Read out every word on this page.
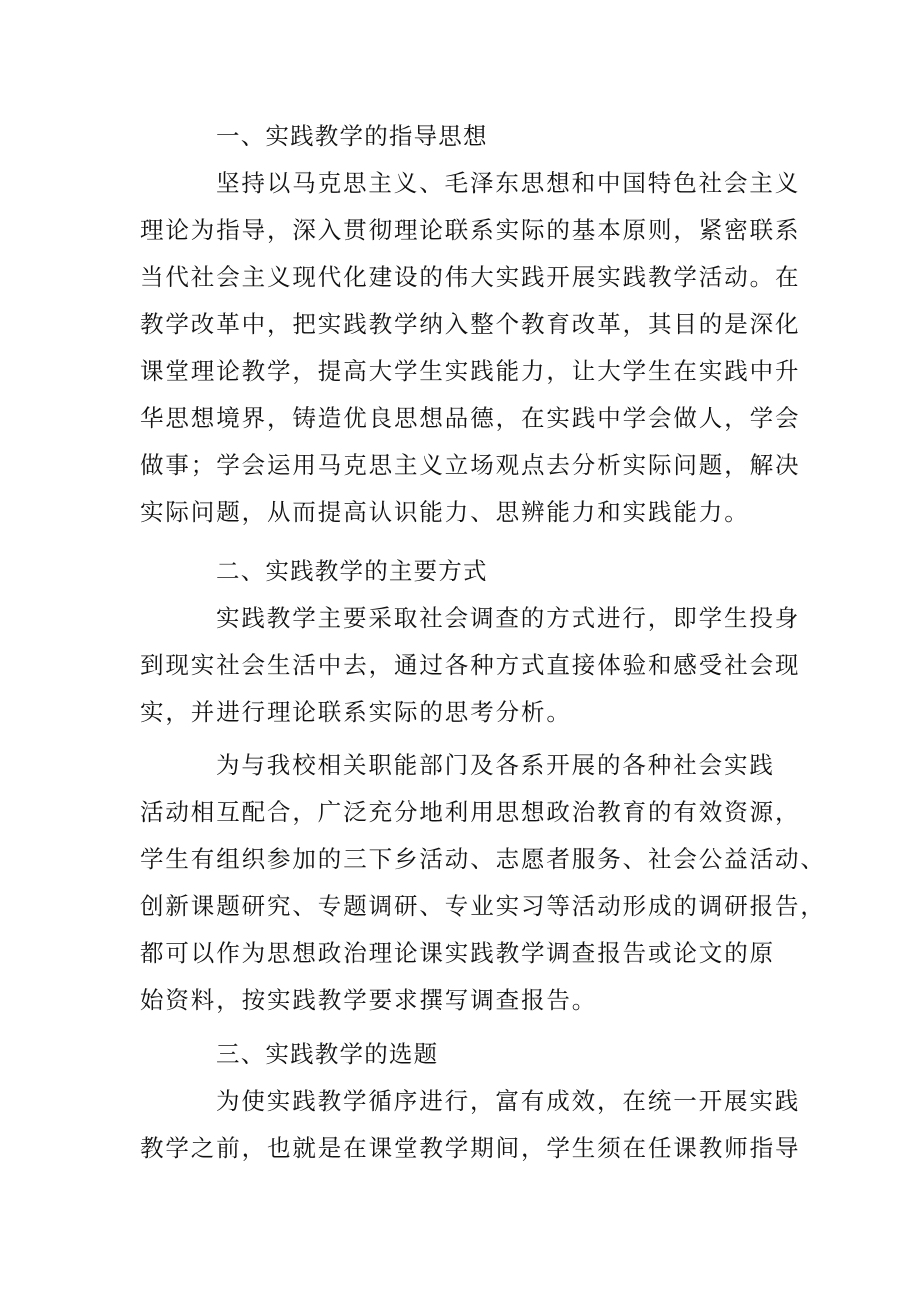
一、实践教学的指导思想
坚持以马克思主义、毛泽东思想和中国特色社会主义
理论为指导，深入贯彻理论联系实际的基本原则，紧密联系
当代社会主义现代化建设的伟大实践开展实践教学活动。在
教学改革中，把实践教学纳入整个教育改革，其目的是深化
课堂理论教学，提高大学生实践能力，让大学生在实践中升
华思想境界，铸造优良思想品德，在实践中学会做人，学会
做事；学会运用马克思主义立场观点去分析实际问题，解决
实际问题，从而提高认识能力、思辨能力和实践能力。
二、实践教学的主要方式
实践教学主要采取社会调查的方式进行，即学生投身
到现实社会生活中去，通过各种方式直接体验和感受社会现
实，并进行理论联系实际的思考分析。
为与我校相关职能部门及各系开展的各种社会实践
活动相互配合，广泛充分地利用思想政治教育的有效资源，
学生有组织参加的三下乡活动、志愿者服务、社会公益活动、
创新课题研究、专题调研、专业实习等活动形成的调研报告，
都可以作为思想政治理论课实践教学调查报告或论文的原
始资料，按实践教学要求撰写调查报告。
三、实践教学的选题
为使实践教学循序进行，富有成效，在统一开展实践
教学之前，也就是在课堂教学期间，学生须在任课教师指导
